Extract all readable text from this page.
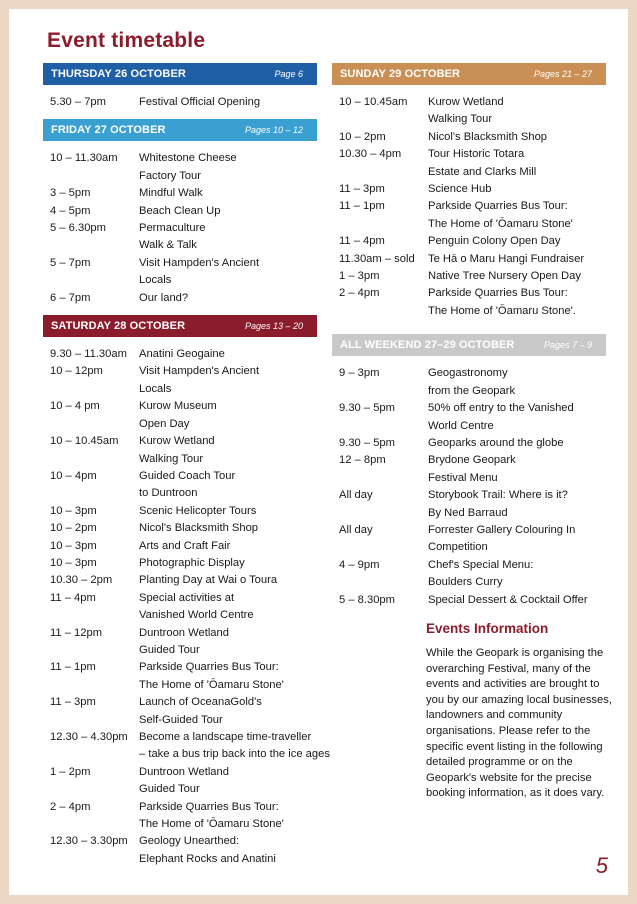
Event timetable
THURSDAY 26 OCTOBER	Page 6
5.30 – 7pm	Festival Official Opening
FRIDAY 27 OCTOBER	Pages 10 – 12
10 – 11.30am	Whitestone Cheese
Factory Tour
3 – 5pm	Mindful Walk
4 – 5pm	Beach Clean Up
5 – 6.30pm	Permaculture
Walk & Talk
5 – 7pm	Visit Hampden's Ancient
Locals
6 – 7pm	Our land?
SATURDAY 28 OCTOBER	Pages 13 – 20
9.30 – 11.30am	Anatini Geogaine
10 – 12pm	Visit Hampden's Ancient
Locals
10 – 4 pm	Kurow Museum
Open Day
10 – 10.45am	Kurow Wetland
Walking Tour
10 – 4pm	Guided Coach Tour
to Duntroon
10 – 3pm	Scenic Helicopter Tours
10 – 2pm	Nicol's Blacksmith Shop
10 – 3pm	Arts and Craft Fair
10 – 3pm	Photographic Display
10.30 – 2pm	Planting Day at Wai o Toura
11 – 4pm	Special activities at
Vanished World Centre
11 – 12pm	Duntroon Wetland
Guided Tour
11 – 1pm	Parkside Quarries Bus Tour:
The Home of 'Ōamaru Stone'
11 – 3pm	Launch of OceanaGold's
Self-Guided Tour
12.30 – 4.30pm	Become a landscape time-traveller
– take a bus trip back into the ice ages
1 – 2pm	Duntroon Wetland
Guided Tour
2 – 4pm	Parkside Quarries Bus Tour:
The Home of 'Ōamaru Stone'
12.30 – 3.30pm	Geology Unearthed:
Elephant Rocks and Anatini
SUNDAY 29 OCTOBER	Pages 21 – 27
10 – 10.45am	Kurow Wetland
Walking Tour
10 – 2pm	Nicol's Blacksmith Shop
10.30 – 4pm	Tour Historic Totara
Estate and Clarks Mill
11 – 3pm	Science Hub
11 – 1pm	Parkside Quarries Bus Tour:
The Home of 'Ōamaru Stone'
11 – 4pm	Penguin Colony Open Day
11.30am – sold	Te Hā o Maru Hangi Fundraiser
1 – 3pm	Native Tree Nursery Open Day
2 – 4pm	Parkside Quarries Bus Tour:
The Home of 'Ōamaru Stone'.
ALL WEEKEND 27–29 OCTOBER	Pages 7 – 9
9 – 3pm	Geogastronomy
from the Geopark
9.30 – 5pm	50% off entry to the Vanished
World Centre
9.30 – 5pm	Geoparks around the globe
12 – 8pm	Brydone Geopark
Festival Menu
All day	Storybook Trail: Where is it?
By Ned Barraud
All day	Forrester Gallery Colouring In
Competition
4 – 9pm	Chef's Special Menu:
Boulders Curry
5 – 8.30pm	Special Dessert & Cocktail Offer
Events Information

While the Geopark is organising the overarching Festival, many of the events and activities are brought to you by our amazing local businesses, landowners and community organisations. Please refer to the specific event listing in the following detailed programme or on the Geopark's website for the precise booking information, as it does vary.

5
